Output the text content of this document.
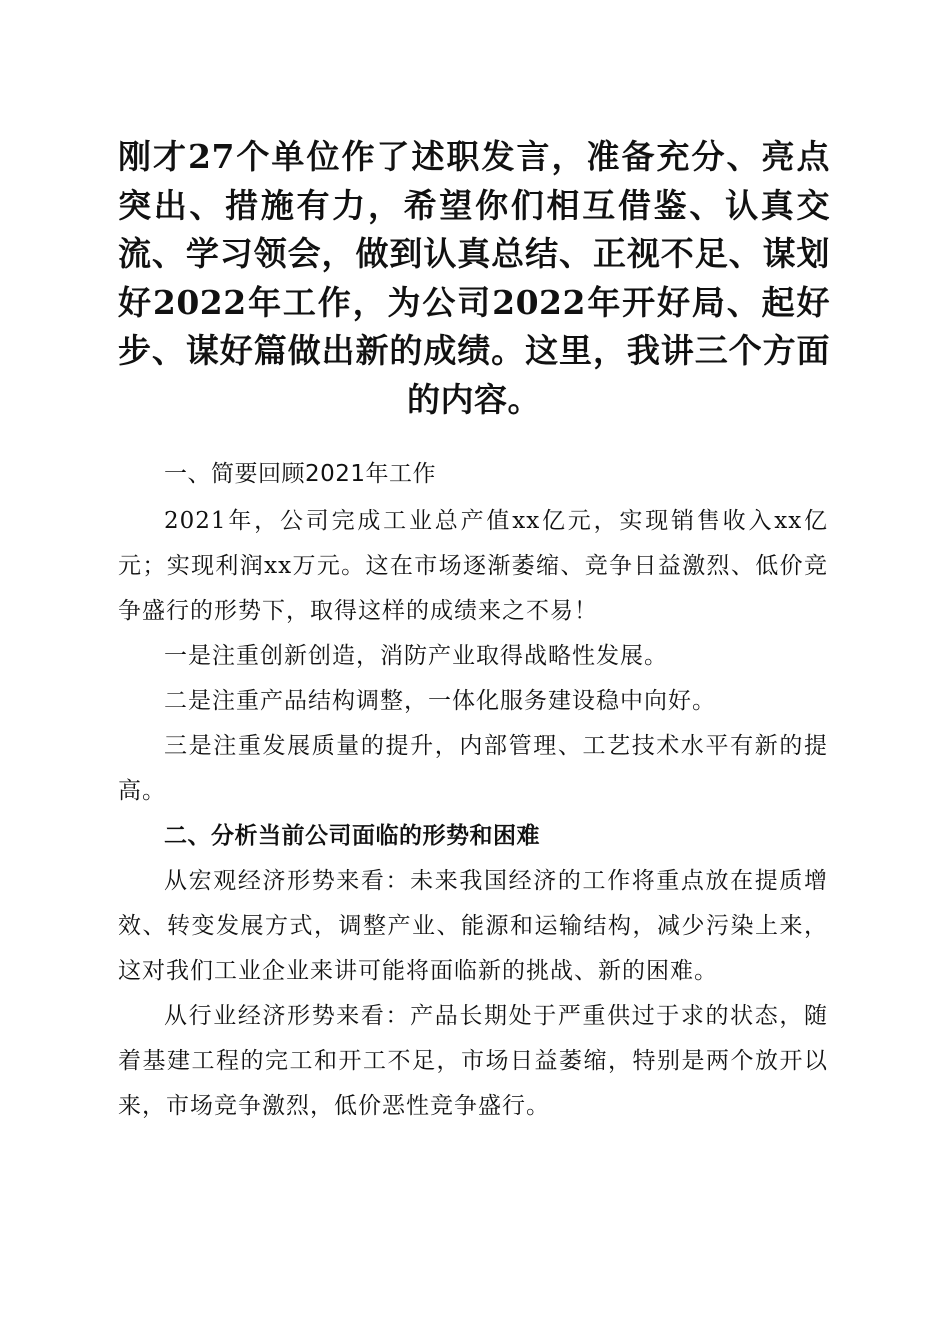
刚才27个单位作了述职发言，准备充分、亮点突出、措施有力，希望你们相互借鉴、认真交流、学习领会，做到认真总结、正视不足、谋划好2022年工作，为公司2022年开好局、起好步、谋好篇做出新的成绩。这里，我讲三个方面的内容。

一、简要回顾2021年工作

2021年，公司完成工业总产值xx亿元，实现销售收入xx亿元；实现利润xx万元。这在市场逐渐萎缩、竞争日益激烈、低价竞争盛行的形势下，取得这样的成绩来之不易！

一是注重创新创造，消防产业取得战略性发展。

二是注重产品结构调整，一体化服务建设稳中向好。

三是注重发展质量的提升，内部管理、工艺技术水平有新的提高。

二、分析当前公司面临的形势和困难

从宏观经济形势来看：未来我国经济的工作将重点放在提质增效、转变发展方式，调整产业、能源和运输结构，减少污染上来，这对我们工业企业来讲可能将面临新的挑战、新的困难。

从行业经济形势来看：产品长期处于严重供过于求的状态，随着基建工程的完工和开工不足，市场日益萎缩，特别是两个放开以来，市场竞争激烈，低价恶性竞争盛行。
